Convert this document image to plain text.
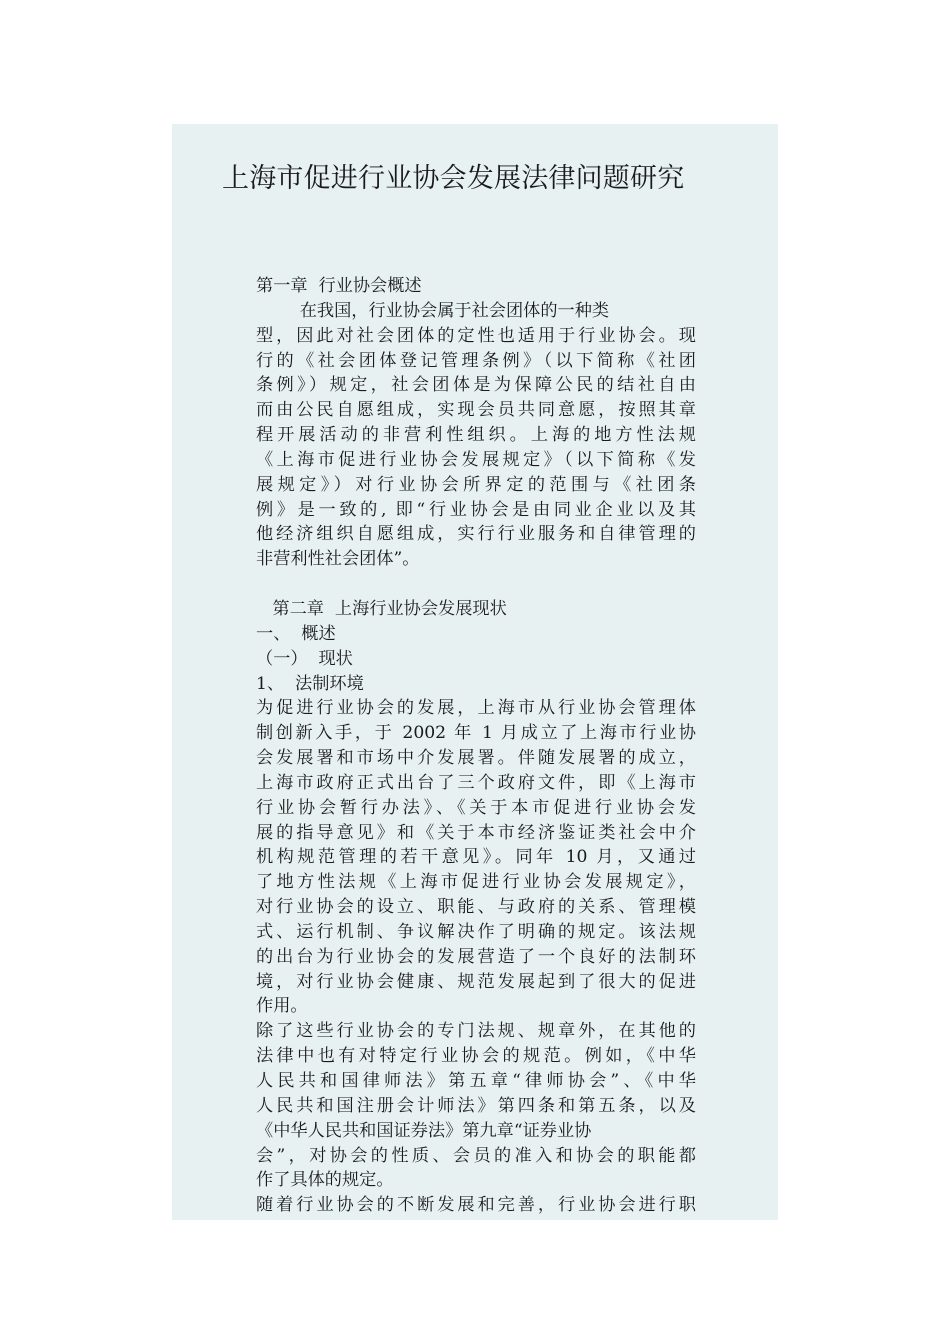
上海市促进行业协会发展法律问题研究
第一章  行业协会概述
在我国，行业协会属于社会团体的一种类
型，因此对社会团体的定性也适用于行业协会。现
行的《社会团体登记管理条例》（以下简称《社团
条例》）规定，社会团体是为保障公民的结社自由
而由公民自愿组成，实现会员共同意愿，按照其章
程开展活动的非营利性组织。上海的地方性法规
《上海市促进行业协会发展规定》（以下简称《发
展规定》）对行业协会所界定的范围与《社团条
例》是一致的, 即“行业协会是由同业企业以及其
他经济组织自愿组成，实行行业服务和自律管理的
非营利性社会团体”。
第二章  上海行业协会发展现状
一、  概述
（一）  现状
1、  法制环境
为促进行业协会的发展，上海市从行业协会管理体
制创新入手，于 2002 年 1 月成立了上海市行业协
会发展署和市场中介发展署。伴随发展署的成立，
上海市政府正式出台了三个政府文件，即《上海市
行业协会暂行办法》、《关于本市促进行业协会发
展的指导意见》和《关于本市经济鉴证类社会中介
机构规范管理的若干意见》。同年 10 月，又通过
了地方性法规《上海市促进行业协会发展规定》，
对行业协会的设立、职能、与政府的关系、管理模
式、运行机制、争议解决作了明确的规定。该法规
的出台为行业协会的发展营造了一个良好的法制环
境，对行业协会健康、规范发展起到了很大的促进
作用。
除了这些行业协会的专门法规、规章外，在其他的
法律中也有对特定行业协会的规范。例如，《中华
人民共和国律师法》第五章“律师协会”、《中华
人民共和国注册会计师法》第四条和第五条，以及
《中华人民共和国证券法》第九章“证券业协
会”，对协会的性质、会员的准入和协会的职能都
作了具体的规定。
随着行业协会的不断发展和完善，行业协会进行职
